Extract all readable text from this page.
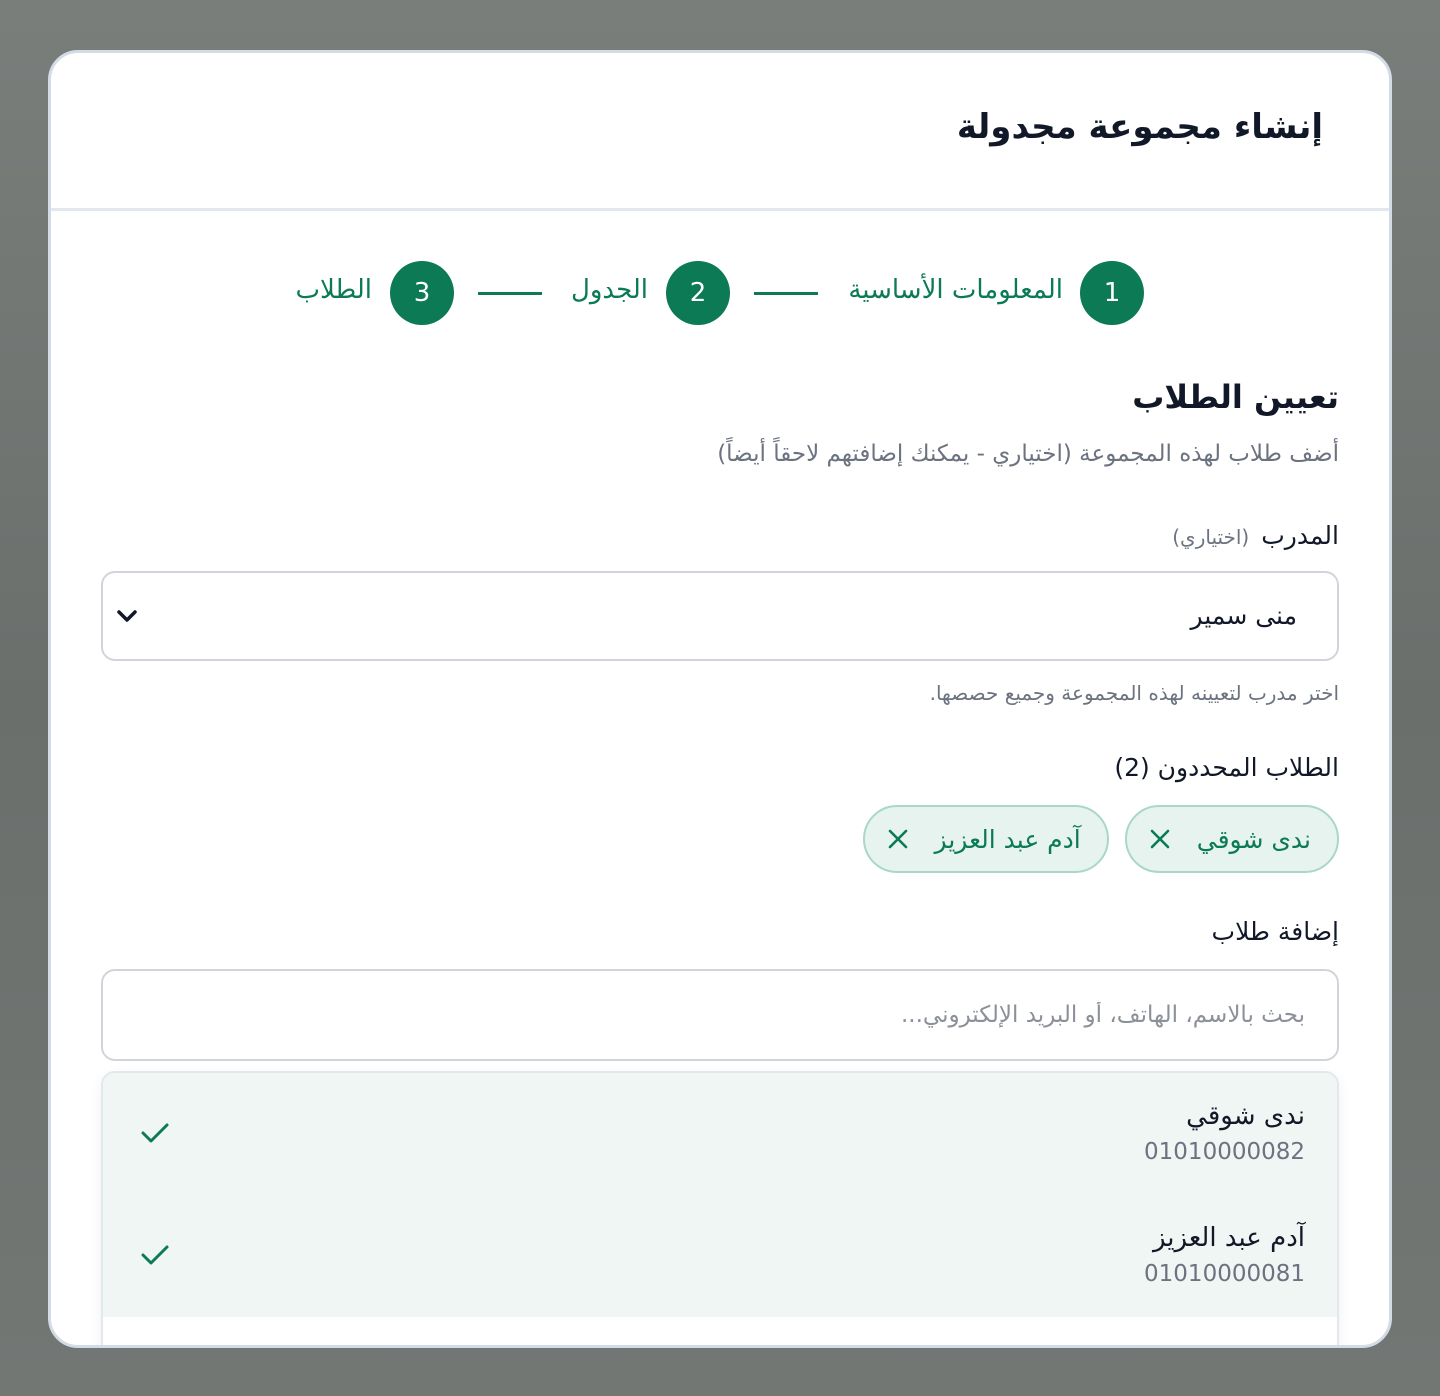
إنشاء مجموعة مجدولة
1
المعلومات الأساسية
2
الجدول
3
الطلاب
تعيين الطلاب
أضف طلاب لهذه المجموعة (اختياري - يمكنك إضافتهم لاحقاً أيضاً)
المدرب(اختياري)
منى سمير
اختر مدرب لتعيينه لهذه المجموعة وجميع حصصها.
الطلاب المحددون (2)
ندى شوقي
آدم عبد العزيز
إضافة طلاب
بحث بالاسم، الهاتف، أو البريد الإلكتروني...
ندى شوقي
01010000082
آدم عبد العزيز
01010000081
